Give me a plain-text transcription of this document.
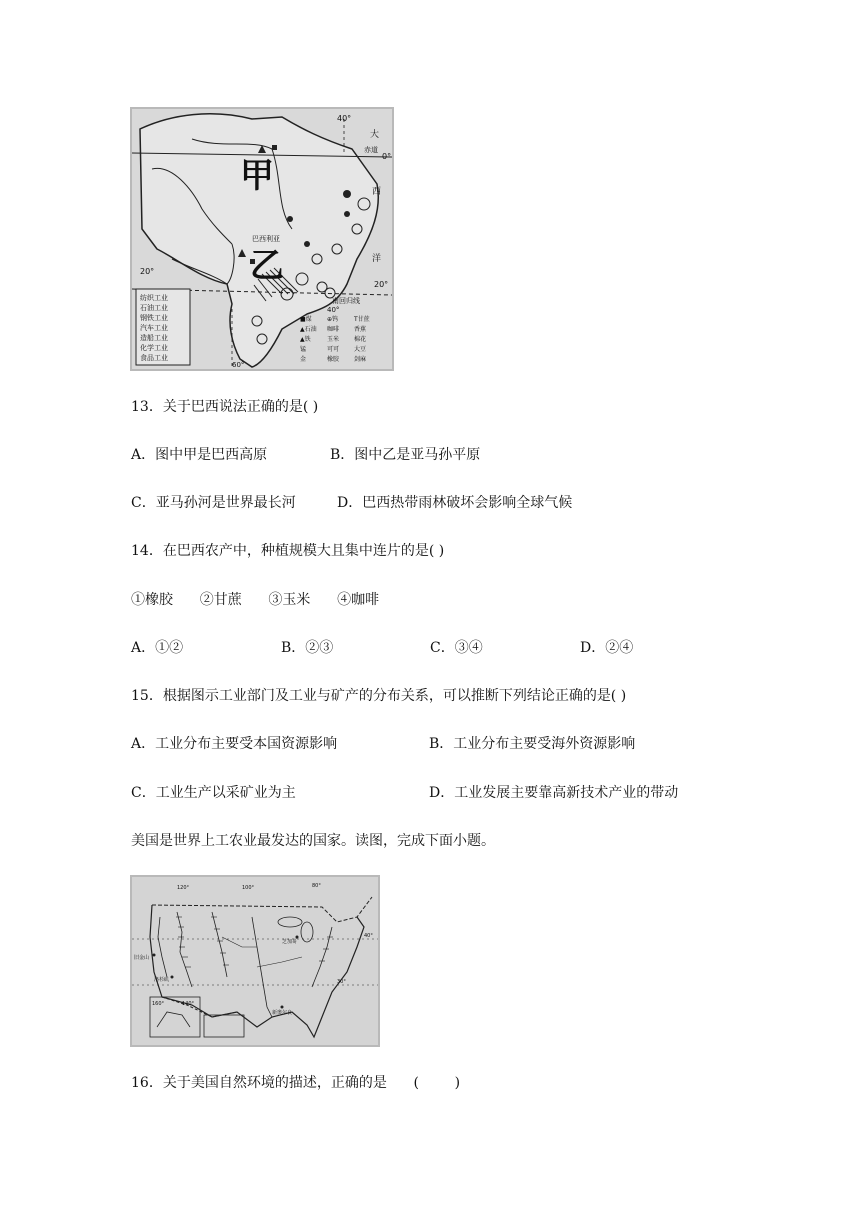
甲
乙
40°
大
赤道
0°
西
洋
20°
20°
南回归线
40°
60°
巴西利亚
纺织工业
石油工业
钢铁工业
汽车工业
造船工业
化学工业
食品工业
■煤	⊕钨	T甘蔗
▲石油 咖啡 香蕉
▲铁	玉米 棉花
锰	可可 大豆
金	橡胶 剑麻
13．关于巴西说法正确的是( )
A．图中甲是巴西高原	B．图中乙是亚马孙平原
C．亚马孙河是世界最长河	D．巴西热带雨林破坏会影响全球气候
14．在巴西农产中，种植规模大且集中连片的是( )
①橡胶      ②甘蔗      ③玉米      ④咖啡
A．①②	B．②③	C．③④	D．②④
15．根据图示工业部门及工业与矿产的分布关系，可以推断下列结论正确的是( )
A．工业分布主要受本国资源影响	B．工业分布主要受海外资源影响
C．工业生产以采矿业为主	D．工业发展主要靠高新技术产业的带动
美国是世界上工农业最发达的国家。读图，完成下面小题。
120°	100°	80°
40°
30°
旧金山
洛杉矶
芝加哥
新奥尔良
160°	140°
16．关于美国自然环境的描述，正确的是      (        )
